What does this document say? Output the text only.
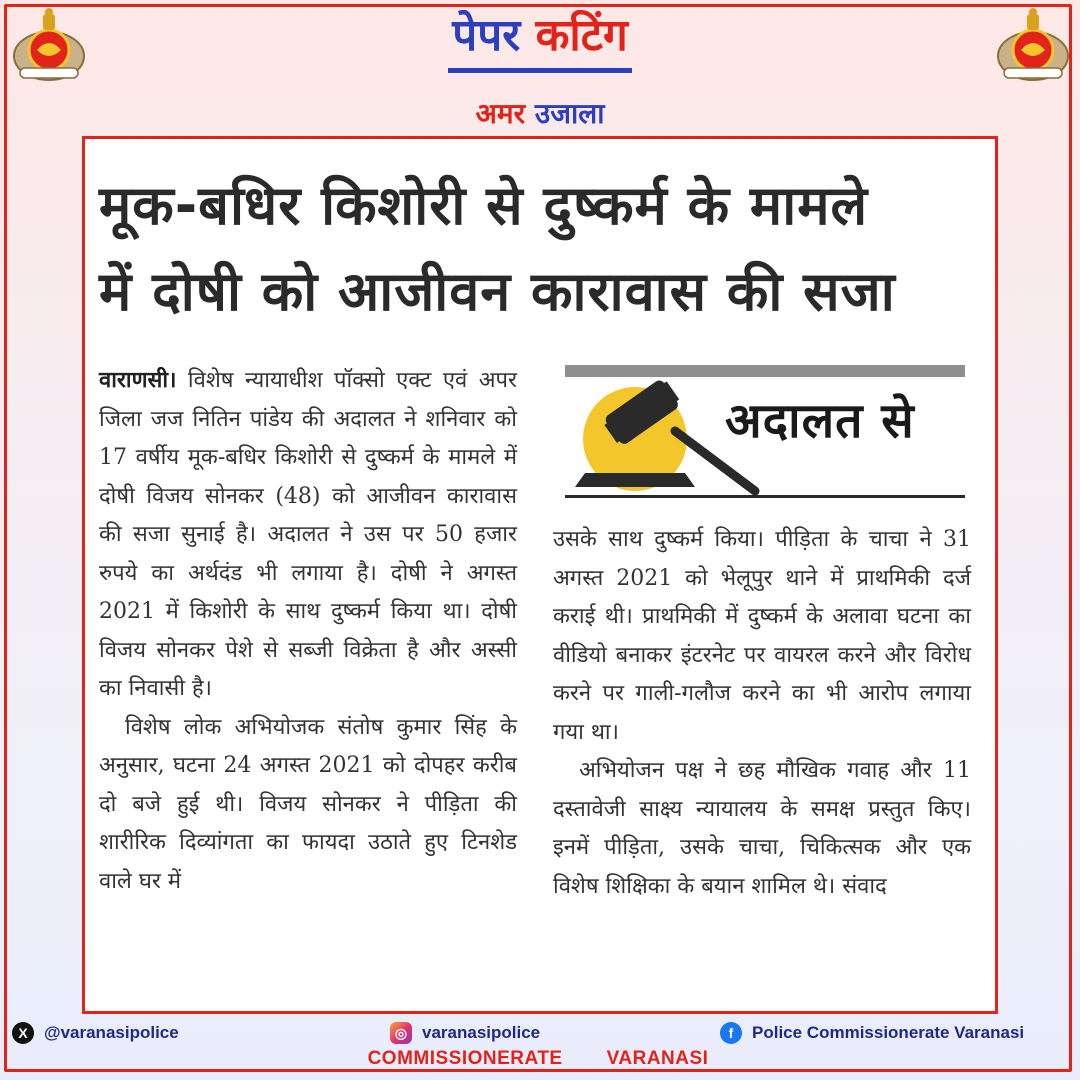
पेपर कटिंग
अमर उजाला
मूक-बधिर किशोरी से दुष्कर्म के मामले
में दोषी को आजीवन कारावास की सजा

वाराणसी। विशेष न्यायाधीश पॉक्सो एक्ट एवं अपर जिला जज नितिन पांडेय की अदालत ने शनिवार को 17 वर्षीय मूक-बधिर किशोरी से दुष्कर्म के मामले में दोषी विजय सोनकर (48) को आजीवन कारावास की सजा सुनाई है। अदालत ने उस पर 50 हजार रुपये का अर्थदंड भी लगाया है। दोषी ने अगस्त 2021 में किशोरी के साथ दुष्कर्म किया था। दोषी विजय सोनकर पेशे से सब्जी विक्रेता है और अस्सी का निवासी है।

विशेष लोक अभियोजक संतोष कुमार सिंह के अनुसार, घटना 24 अगस्त 2021 को दोपहर करीब दो बजे हुई थी। विजय सोनकर ने पीड़िता की शारीरिक दिव्यांगता का फायदा उठाते हुए टिनशेड वाले घर में

अदालत से

उसके साथ दुष्कर्म किया। पीड़िता के चाचा ने 31 अगस्त 2021 को भेलूपुर थाने में प्राथमिकी दर्ज कराई थी। प्राथमिकी में दुष्कर्म के अलावा घटना का वीडियो बनाकर इंटरनेट पर वायरल करने और विरोध करने पर गाली-गलौज करने का भी आरोप लगाया गया था।

अभियोजन पक्ष ने छह मौखिक गवाह और 11 दस्तावेजी साक्ष्य न्यायालय के समक्ष प्रस्तुत किए। इनमें पीड़िता, उसके चाचा, चिकित्सक और एक विशेष शिक्षिका के बयान शामिल थे। संवाद

X @varanasipolice	◎ varanasipolice	f	Police Commissionerate Varanasi
COMMISSIONERATE VARANASI
